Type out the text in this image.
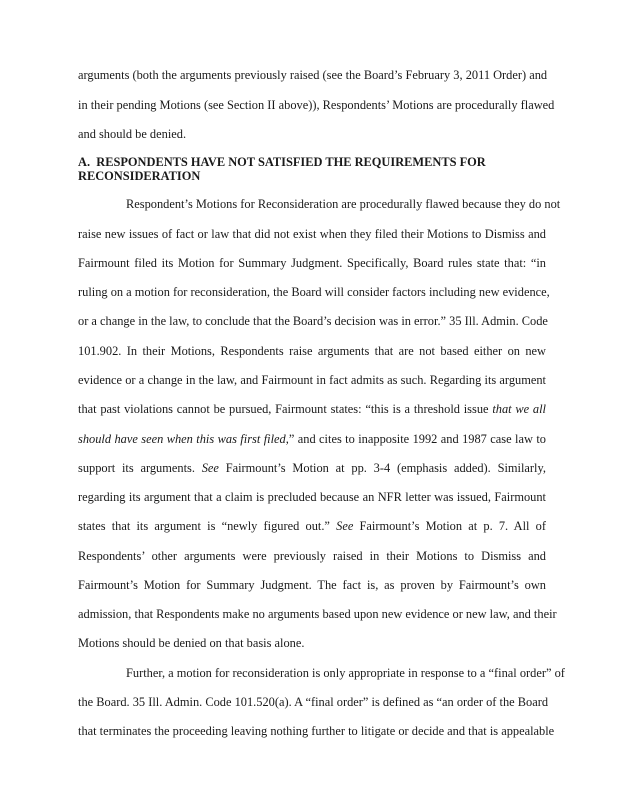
arguments (both the arguments previously raised (see the Board’s February 3, 2011 Order) and
in their pending Motions (see Section II above)), Respondents’ Motions are procedurally flawed
and should be denied.
A. RESPONDENTS HAVE NOT SATISFIED THE REQUIREMENTS FOR
RECONSIDERATION
Respondent’s Motions for Reconsideration are procedurally flawed because they do not
raise new issues of fact or law that did not exist when they filed their Motions to Dismiss and
Fairmount filed its Motion for Summary Judgment. Specifically, Board rules state that: “in
ruling on a motion for reconsideration, the Board will consider factors including new evidence,
or a change in the law, to conclude that the Board’s decision was in error.” 35 Ill. Admin. Code
101.902. In their Motions, Respondents raise arguments that are not based either on new
evidence or a change in the law, and Fairmount in fact admits as such. Regarding its argument
that past violations cannot be pursued, Fairmount states: “this is a threshold issue that we all
should have seen when this was first filed,” and cites to inapposite 1992 and 1987 case law to
support its arguments. See Fairmount’s Motion at pp. 3-4 (emphasis added). Similarly,
regarding its argument that a claim is precluded because an NFR letter was issued, Fairmount
states that its argument is “newly figured out.” See Fairmount’s Motion at p. 7. All of
Respondents’ other arguments were previously raised in their Motions to Dismiss and
Fairmount’s Motion for Summary Judgment. The fact is, as proven by Fairmount’s own
admission, that Respondents make no arguments based upon new evidence or new law, and their
Motions should be denied on that basis alone.
Further, a motion for reconsideration is only appropriate in response to a “final order” of
the Board. 35 Ill. Admin. Code 101.520(a). A “final order” is defined as “an order of the Board
that terminates the proceeding leaving nothing further to litigate or decide and that is appealable
